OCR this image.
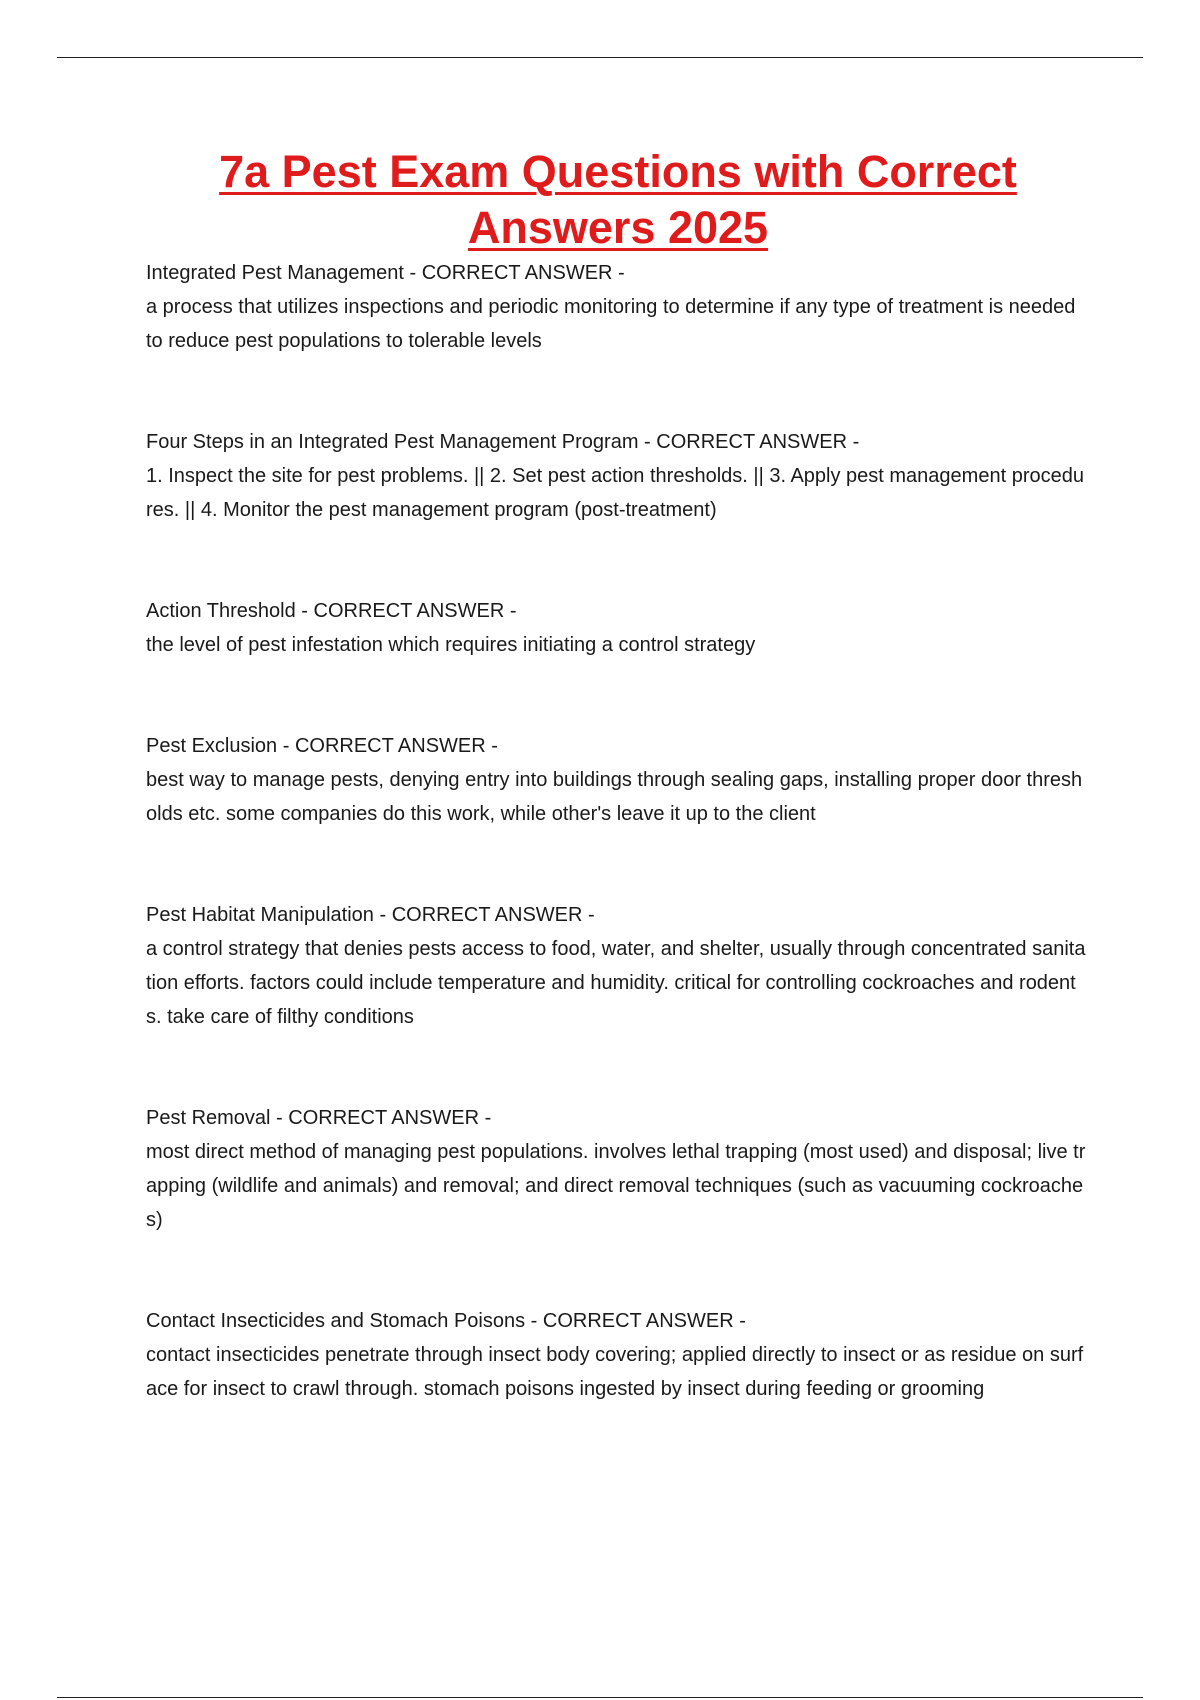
7a Pest Exam Questions with Correct Answers 2025
Integrated Pest Management - CORRECT ANSWER -
a process that utilizes inspections and periodic monitoring to determine if any type of treatment is needed to reduce pest populations to tolerable levels
Four Steps in an Integrated Pest Management Program - CORRECT ANSWER -
1. Inspect the site for pest problems. || 2. Set pest action thresholds. || 3. Apply pest management procedures. || 4. Monitor the pest management program (post-treatment)
Action Threshold - CORRECT ANSWER -
the level of pest infestation which requires initiating a control strategy
Pest Exclusion - CORRECT ANSWER -
best way to manage pests, denying entry into buildings through sealing gaps, installing proper door thresholds etc. some companies do this work, while other's leave it up to the client
Pest Habitat Manipulation - CORRECT ANSWER -
a control strategy that denies pests access to food, water, and shelter, usually through concentrated sanitation efforts. factors could include temperature and humidity. critical for controlling cockroaches and rodents. take care of filthy conditions
Pest Removal - CORRECT ANSWER -
most direct method of managing pest populations. involves lethal trapping (most used) and disposal; live trapping (wildlife and animals) and removal; and direct removal techniques (such as vacuuming cockroaches)
Contact Insecticides and Stomach Poisons - CORRECT ANSWER -
contact insecticides penetrate through insect body covering; applied directly to insect or as residue on surface for insect to crawl through. stomach poisons ingested by insect during feeding or grooming
